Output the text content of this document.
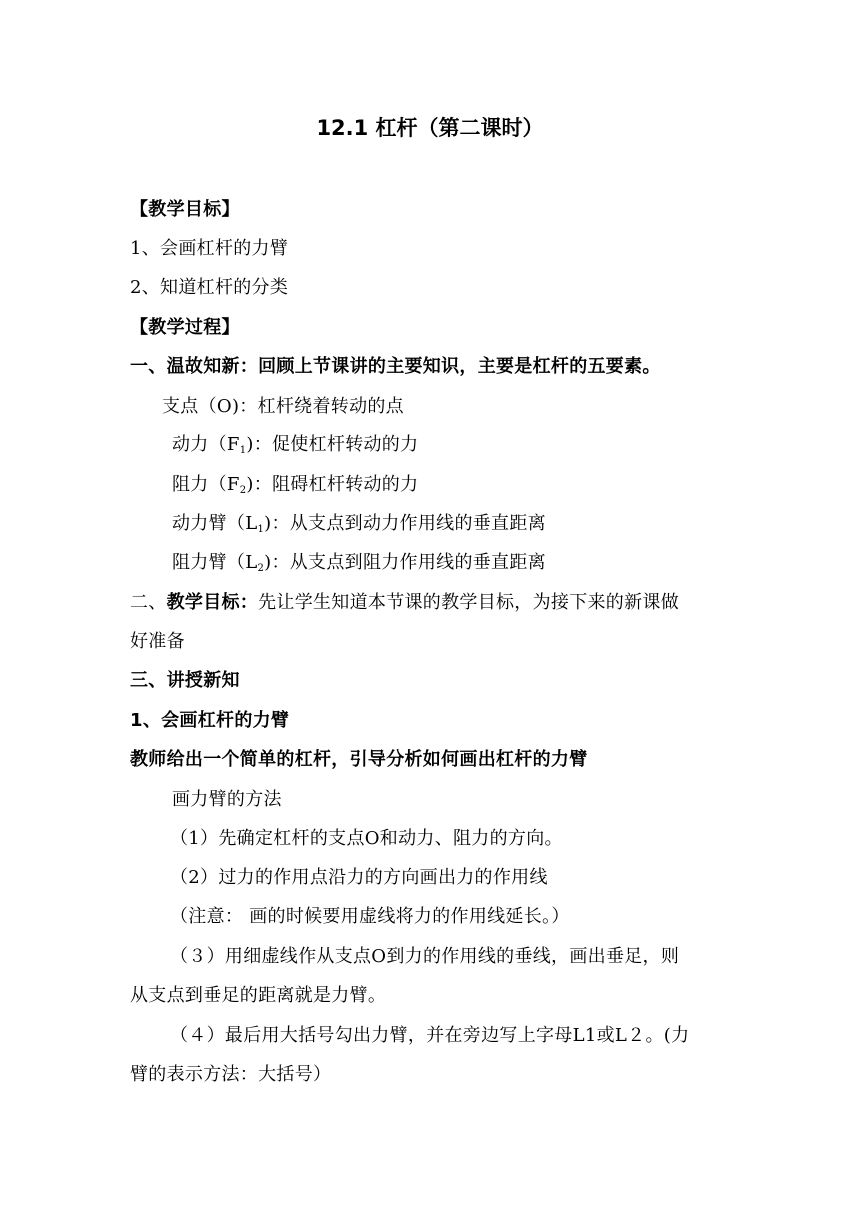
12.1 杠杆（第二课时）
【教学目标】
1、会画杠杆的力臂
2、知道杠杆的分类
【教学过程】
一、温故知新：回顾上节课讲的主要知识，主要是杠杆的五要素。
支点（O)：杠杆绕着转动的点
动力$(F_1)$：促使杠杆转动的力
阻力$(F_2)$：阻碍杠杆转动的力
动力臂$(L_1)$：从支点到动力作用线的垂直距离
阻力臂$(L_2)$：从支点到阻力作用线的垂直距离
二、教学目标：先让学生知道本节课的教学目标，为接下来的新课做
好准备
三、讲授新知
1、会画杠杆的力臂
教师给出一个简单的杠杆，引导分析如何画出杠杆的力臂
画力臂的方法
（1）先确定杠杆的支点O和动力、阻力的方向。
（2）过力的作用点沿力的方向画出力的作用线
（注意： 画的时候要用虚线将力的作用线延长。）
（３）用细虚线作从支点O到力的作用线的垂线，画出垂足，则
从支点到垂足的距离就是力臂。
（４）最后用大括号勾出力臂，并在旁边写上字母L1或L２。(力
臂的表示方法：大括号）
